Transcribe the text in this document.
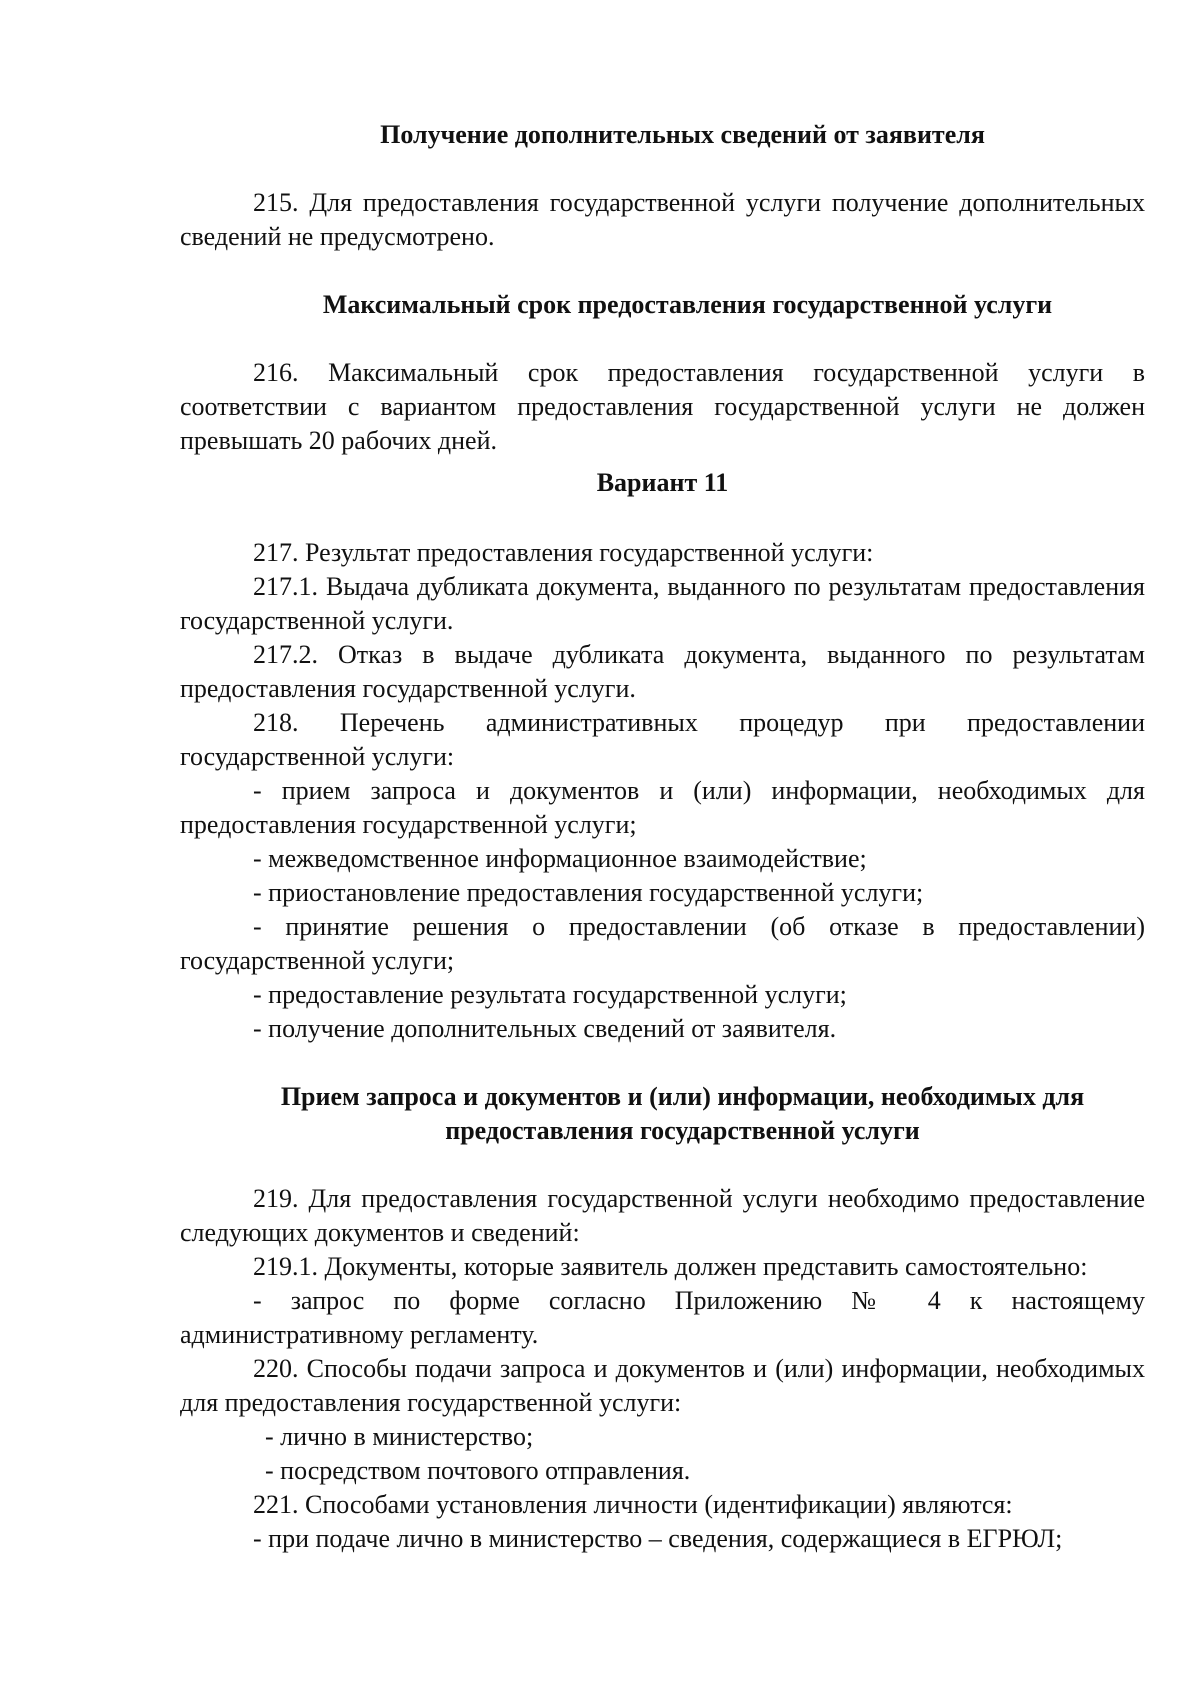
Получение дополнительных сведений от заявителя

215. Для предоставления государственной услуги получение дополнительных сведений не предусмотрено.

Максимальный срок предоставления государственной услуги

216. Максимальный срок предоставления государственной услуги в соответствии с вариантом предоставления государственной услуги не должен превышать 20 рабочих дней.

Вариант 11

217. Результат предоставления государственной услуги:

217.1. Выдача дубликата документа, выданного по результатам предоставления государственной услуги.

217.2. Отказ в выдаче дубликата документа, выданного по результатам предоставления государственной услуги.

218. Перечень административных процедур при предоставлении государственной услуги:

- прием запроса и документов и (или) информации, необходимых для предоставления государственной услуги;

- межведомственное информационное взаимодействие;

- приостановление предоставления государственной услуги;

- принятие решения о предоставлении (об отказе в предоставлении) государственной услуги;

- предоставление результата государственной услуги;

- получение дополнительных сведений от заявителя.

Прием запроса и документов и (или) информации, необходимых для

предоставления государственной услуги

219. Для предоставления государственной услуги необходимо предоставление следующих документов и сведений:

219.1. Документы, которые заявитель должен представить самостоятельно:

- запрос по форме согласно Приложению № 4 к настоящему административному регламенту.

220. Способы подачи запроса и документов и (или) информации, необходимых для предоставления государственной услуги:

- лично в министерство;

- посредством почтового отправления.

221. Способами установления личности (идентификации) являются:

- при подаче лично в министерство – сведения, содержащиеся в ЕГРЮЛ;
